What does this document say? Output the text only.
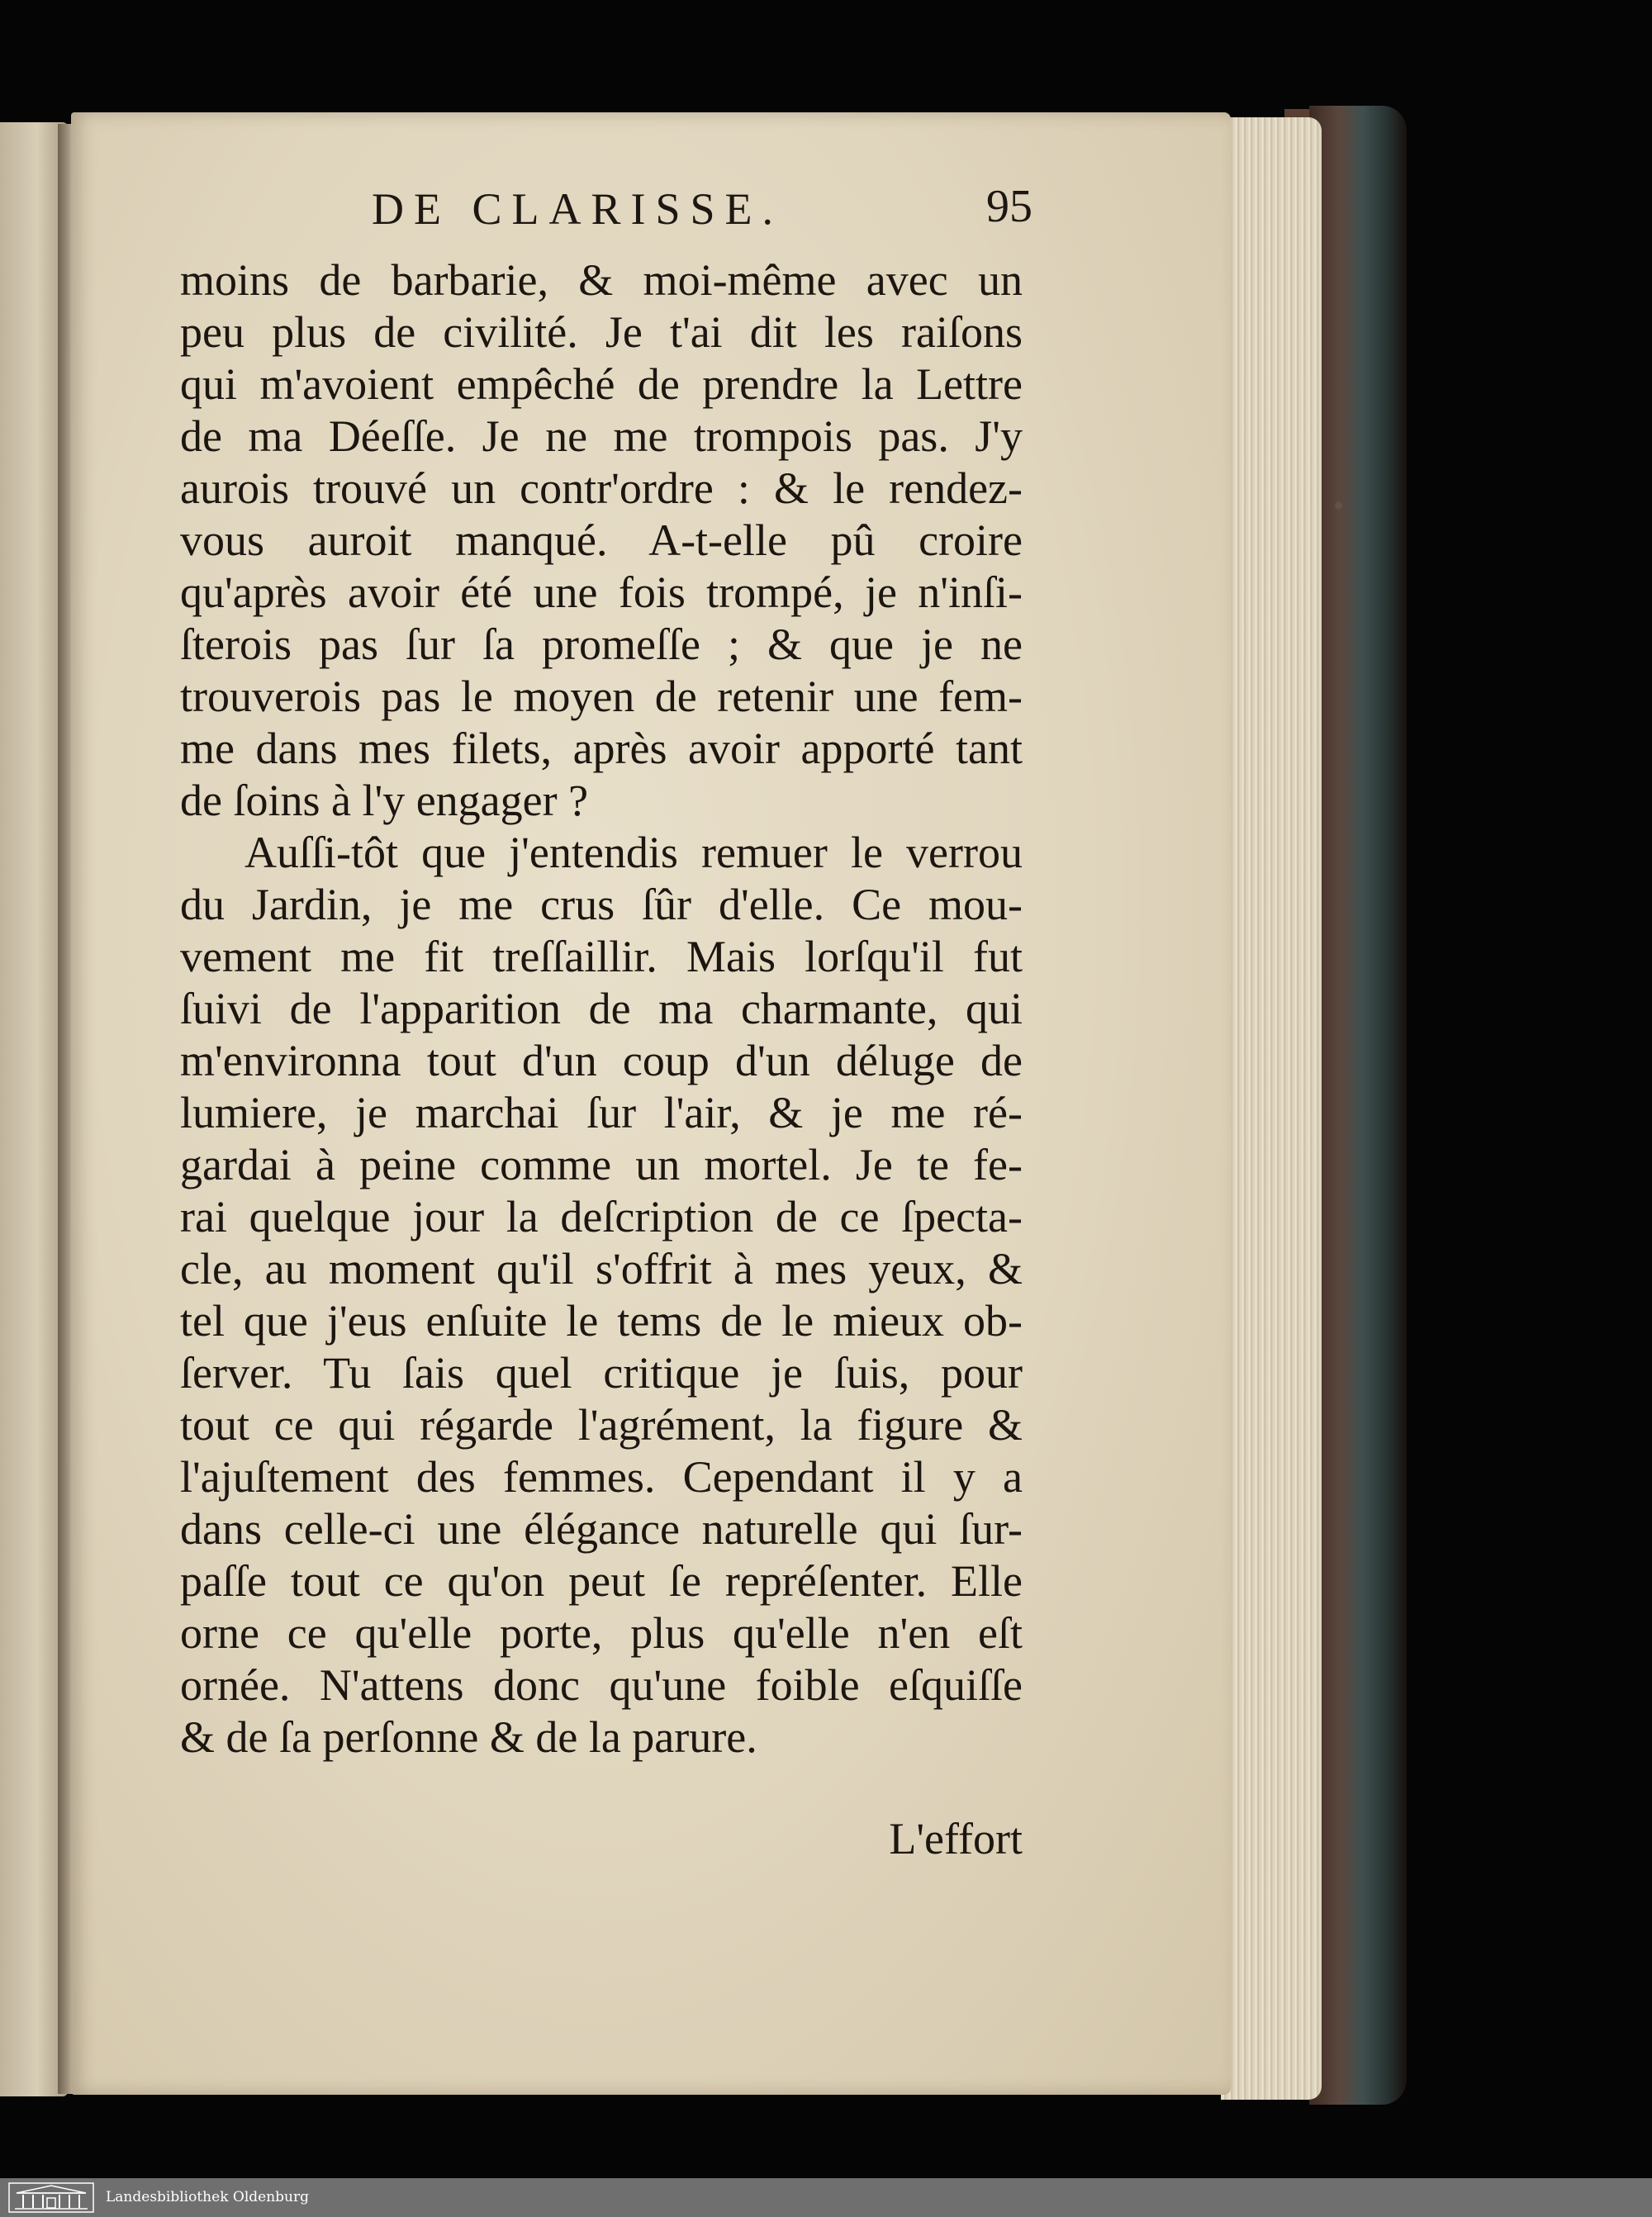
DE CLARISSE.	95
moins de barbarie, & moi-même avec un
peu plus de civilité. Je t'ai dit les raiſons
qui m'avoient empêché de prendre la Lettre
de ma Déeſſe. Je ne me trompois pas. J'y
aurois trouvé un contr'ordre : & le rendez-
vous auroit manqué. A-t-elle pû croire
qu'après avoir été une fois trompé, je n'inſi-
ſterois pas ſur ſa promeſſe ; & que je ne
trouverois pas le moyen de retenir une fem-
me dans mes filets, après avoir apporté tant
de ſoins à l'y engager ?
Auſſi-tôt que j'entendis remuer le verrou
du Jardin, je me crus ſûr d'elle. Ce mou-
vement me fit treſſaillir. Mais lorſqu'il fut
ſuivi de l'apparition de ma charmante, qui
m'environna tout d'un coup d'un déluge de
lumiere, je marchai ſur l'air, & je me ré-
gardai à peine comme un mortel. Je te fe-
rai quelque jour la deſcription de ce ſpecta-
cle, au moment qu'il s'offrit à mes yeux, &
tel que j'eus enſuite le tems de le mieux ob-
ſerver. Tu ſais quel critique je ſuis, pour
tout ce qui régarde l'agrément, la figure &
l'ajuſtement des femmes. Cependant il y a
dans celle-ci une élégance naturelle qui ſur-
paſſe tout ce qu'on peut ſe repréſenter. Elle
orne ce qu'elle porte, plus qu'elle n'en eſt
ornée. N'attens donc qu'une foible eſquiſſe
& de ſa perſonne & de la parure.
L'effort
Landesbibliothek Oldenburg
